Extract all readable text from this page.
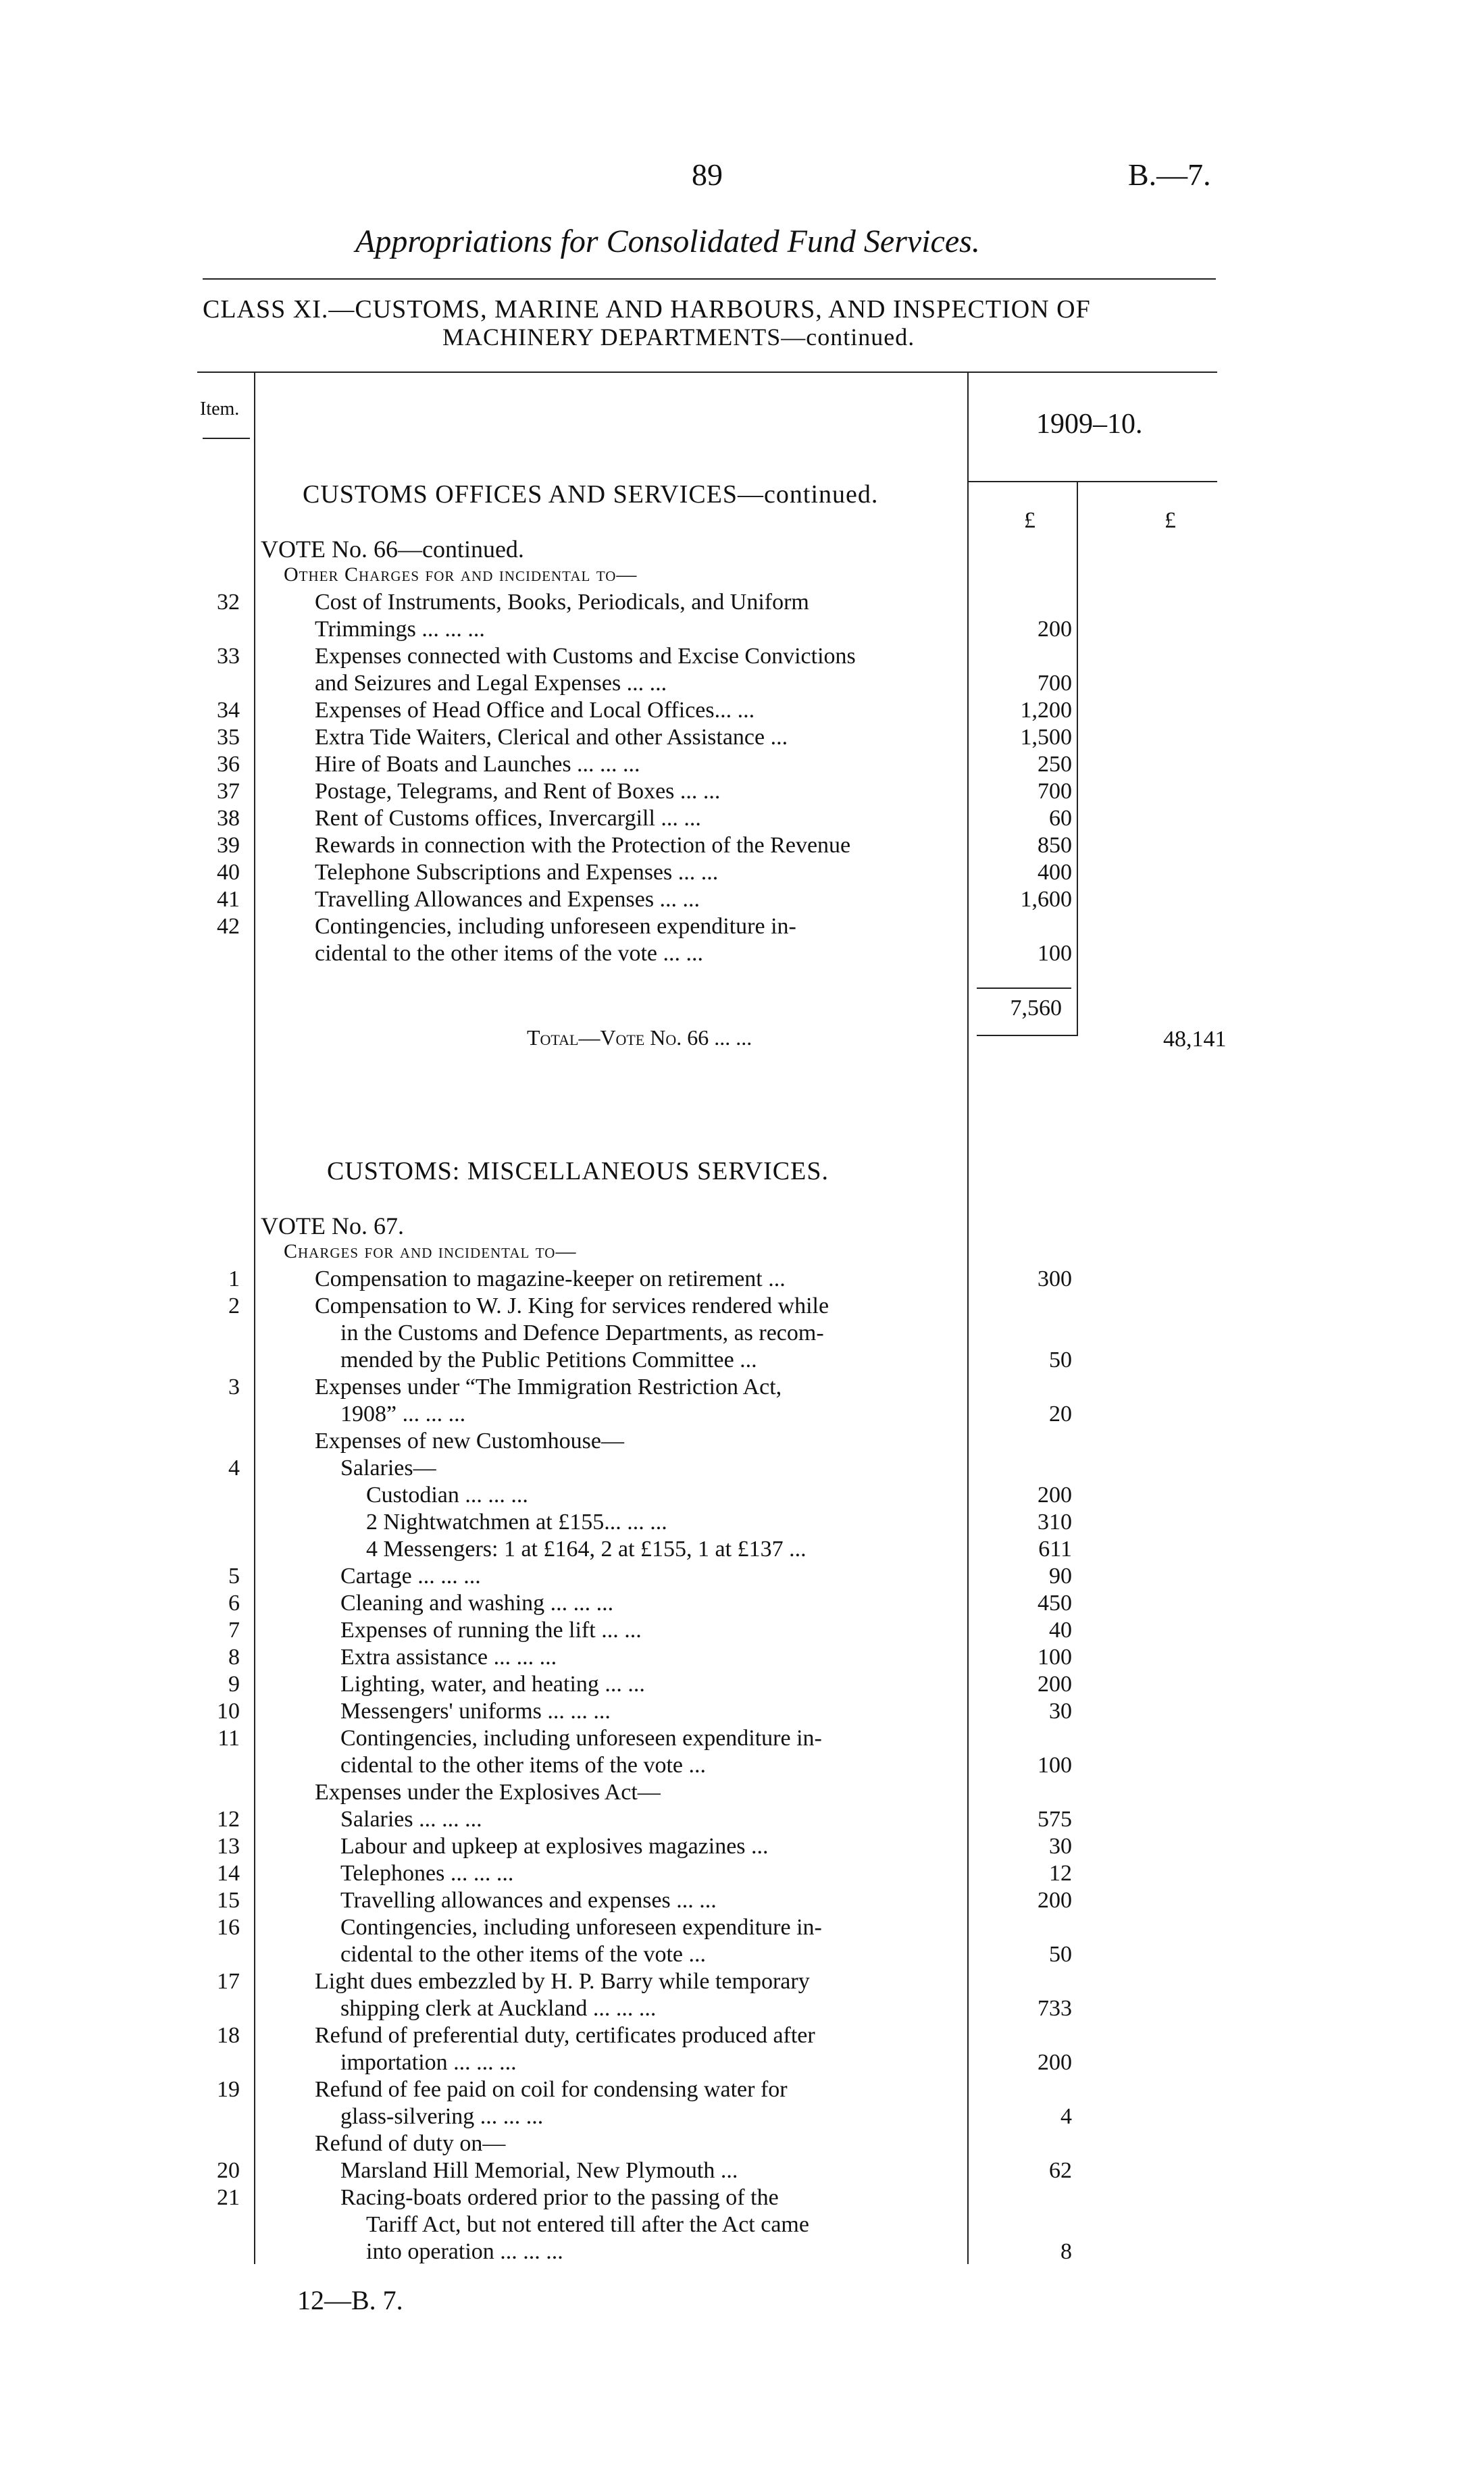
89	B.—7.
Appropriations for Consolidated Fund Services.
CLASS XI.—CUSTOMS, MARINE AND HARBOURS, AND INSPECTION OF
MACHINERY DEPARTMENTS—continued.
Item.	1909–10.
£	£
CUSTOMS OFFICES AND SERVICES—continued.
VOTE No. 66—continued.
Other Charges for and incidental to—
32	Cost of Instruments, Books, Periodicals, and Uniform
Trimmings ... ... ...	200
33	Expenses connected with Customs and Excise Convictions
and Seizures and Legal Expenses ... ...	700
34	Expenses of Head Office and Local Offices... ...	1,200
35	Extra Tide Waiters, Clerical and other Assistance ...	1,500
36	Hire of Boats and Launches ... ... ...	250
37	Postage, Telegrams, and Rent of Boxes ... ...	700
38	Rent of Customs offices, Invercargill ... ...	60
39	Rewards in connection with the Protection of the Revenue	850
40	Telephone Subscriptions and Expenses ... ...	400
41	Travelling Allowances and Expenses ... ...	1,600
42	Contingencies, including unforeseen expenditure in-
cidental to the other items of the vote ... ...	100
7,560
Total—Vote No. 66 ... ...	48,141
CUSTOMS: MISCELLANEOUS SERVICES.
VOTE No. 67.
Charges for and incidental to—
1	Compensation to magazine-keeper on retirement ...	300
2	Compensation to W. J. King for services rendered while
in the Customs and Defence Departments, as recom-
mended by the Public Petitions Committee ...	50
3	Expenses under “The Immigration Restriction Act,
1908” ... ... ...	20
Expenses of new Customhouse—
4	Salaries—
Custodian ... ... ...	200
2 Nightwatchmen at £155... ... ...	310
4 Messengers: 1 at £164, 2 at £155, 1 at £137 ...	611
5	Cartage ... ... ...	90
6	Cleaning and washing ... ... ...	450
7	Expenses of running the lift ... ...	40
8	Extra assistance ... ... ...	100
9	Lighting, water, and heating ... ...	200
10	Messengers' uniforms ... ... ...	30
11	Contingencies, including unforeseen expenditure in-
cidental to the other items of the vote ...	100
Expenses under the Explosives Act—
12	Salaries ... ... ...	575
13	Labour and upkeep at explosives magazines ...	30
14	Telephones ... ... ...	12
15	Travelling allowances and expenses ... ...	200
16	Contingencies, including unforeseen expenditure in-
cidental to the other items of the vote ...	50
17	Light dues embezzled by H. P. Barry while temporary
shipping clerk at Auckland ... ... ...	733
18	Refund of preferential duty, certificates produced after
importation ... ... ...	200
19	Refund of fee paid on coil for condensing water for
glass-silvering ... ... ...	4
Refund of duty on—
20	Marsland Hill Memorial, New Plymouth ...	62
21	Racing-boats ordered prior to the passing of the
Tariff Act, but not entered till after the Act came
into operation ... ... ...	8
12—B. 7.
